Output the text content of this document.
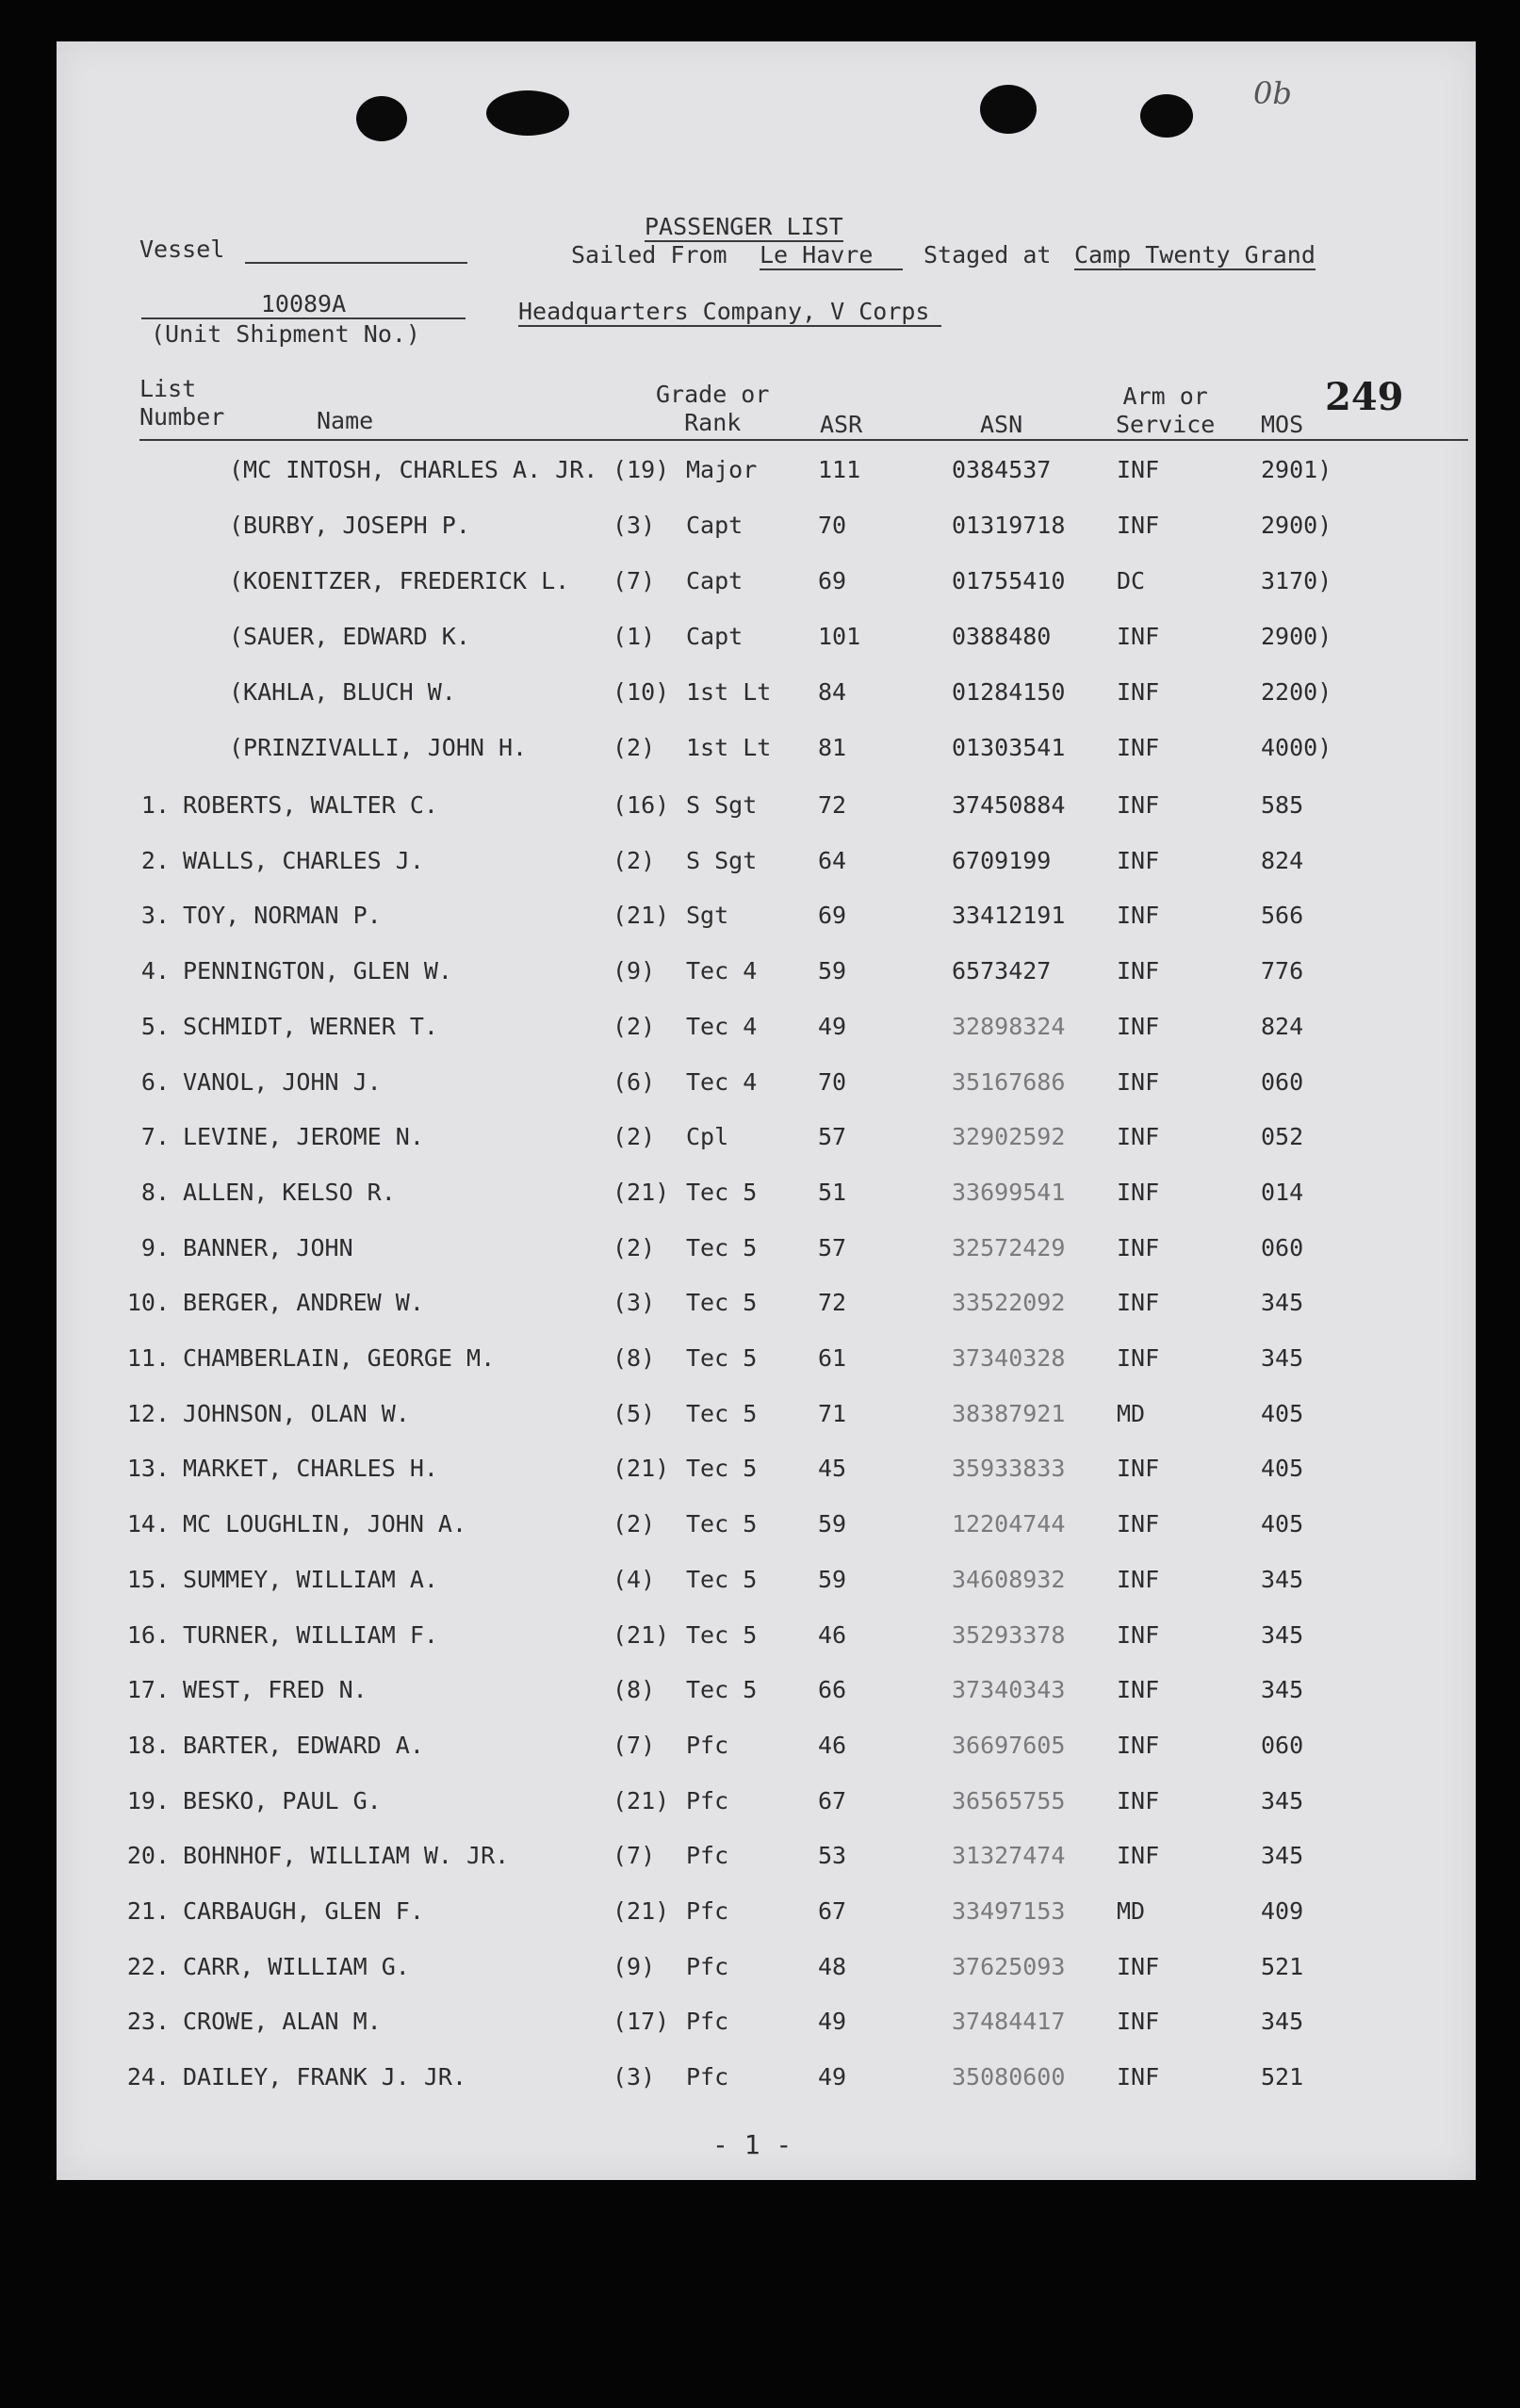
0b
PASSENGER LIST
Vessel	Sailed From Le Havre	Staged at Camp Twenty Grand
10089A
(Unit Shipment No.)
Headquarters Company, V Corps
249
List
Number	Name
Grade or
Rank	ASR	ASN
Arm or
Service MOS
(MC INTOSH, CHARLES A. JR. (19) Major	111	0384537	INF	2901)
(BURBY, JOSEPH P.	(3) Capt	70	01319718 INF	2900)
(KOENITZER, FREDERICK L. (7) Capt	69	01755410 DC	3170)
(SAUER, EDWARD K.	(1) Capt	101	0388480	INF	2900)
(KAHLA, BLUCH W.	(10) 1st Lt 84	01284150 INF	2200)
(PRINZIVALLI, JOHN H.	(2) 1st Lt 81	01303541 INF	4000)
1. ROBERTS, WALTER C.	(16) S Sgt	72	37450884 INF	585
2. WALLS, CHARLES J.	(2) S Sgt	64	6709199	INF	824
3. TOY, NORMAN P.	(21) Sgt	69	33412191 INF	566
4. PENNINGTON, GLEN W.	(9) Tec 4	59	6573427	INF	776
5. SCHMIDT, WERNER T.	(2) Tec 4	49	32898324 INF	824
6. VANOL, JOHN J.	(6) Tec 4	70	35167686 INF	060
7. LEVINE, JEROME N.	(2) Cpl	57	32902592 INF	052
8. ALLEN, KELSO R.	(21) Tec 5	51	33699541 INF	014
9. BANNER, JOHN	(2) Tec 5	57	32572429 INF	060
10. BERGER, ANDREW W.	(3) Tec 5	72	33522092 INF	345
11. CHAMBERLAIN, GEORGE M.	(8) Tec 5	61	37340328 INF	345
12. JOHNSON, OLAN W.	(5) Tec 5	71	38387921 MD	405
13. MARKET, CHARLES H.	(21) Tec 5	45	35933833 INF	405
14. MC LOUGHLIN, JOHN A.	(2) Tec 5	59	12204744 INF	405
15. SUMMEY, WILLIAM A.	(4) Tec 5	59	34608932 INF	345
16. TURNER, WILLIAM F.	(21) Tec 5	46	35293378 INF	345
17. WEST, FRED N.	(8) Tec 5	66	37340343 INF	345
18. BARTER, EDWARD A.	(7) Pfc	46	36697605 INF	060
19. BESKO, PAUL G.	(21) Pfc	67	36565755 INF	345
20. BOHNHOF, WILLIAM W. JR.	(7) Pfc	53	31327474 INF	345
21. CARBAUGH, GLEN F.	(21) Pfc	67	33497153 MD	409
22. CARR, WILLIAM G.	(9) Pfc	48	37625093 INF	521
23. CROWE, ALAN M.	(17) Pfc	49	37484417 INF	345
24. DAILEY, FRANK J. JR.	(3) Pfc	49	35080600 INF	521
- 1 -
